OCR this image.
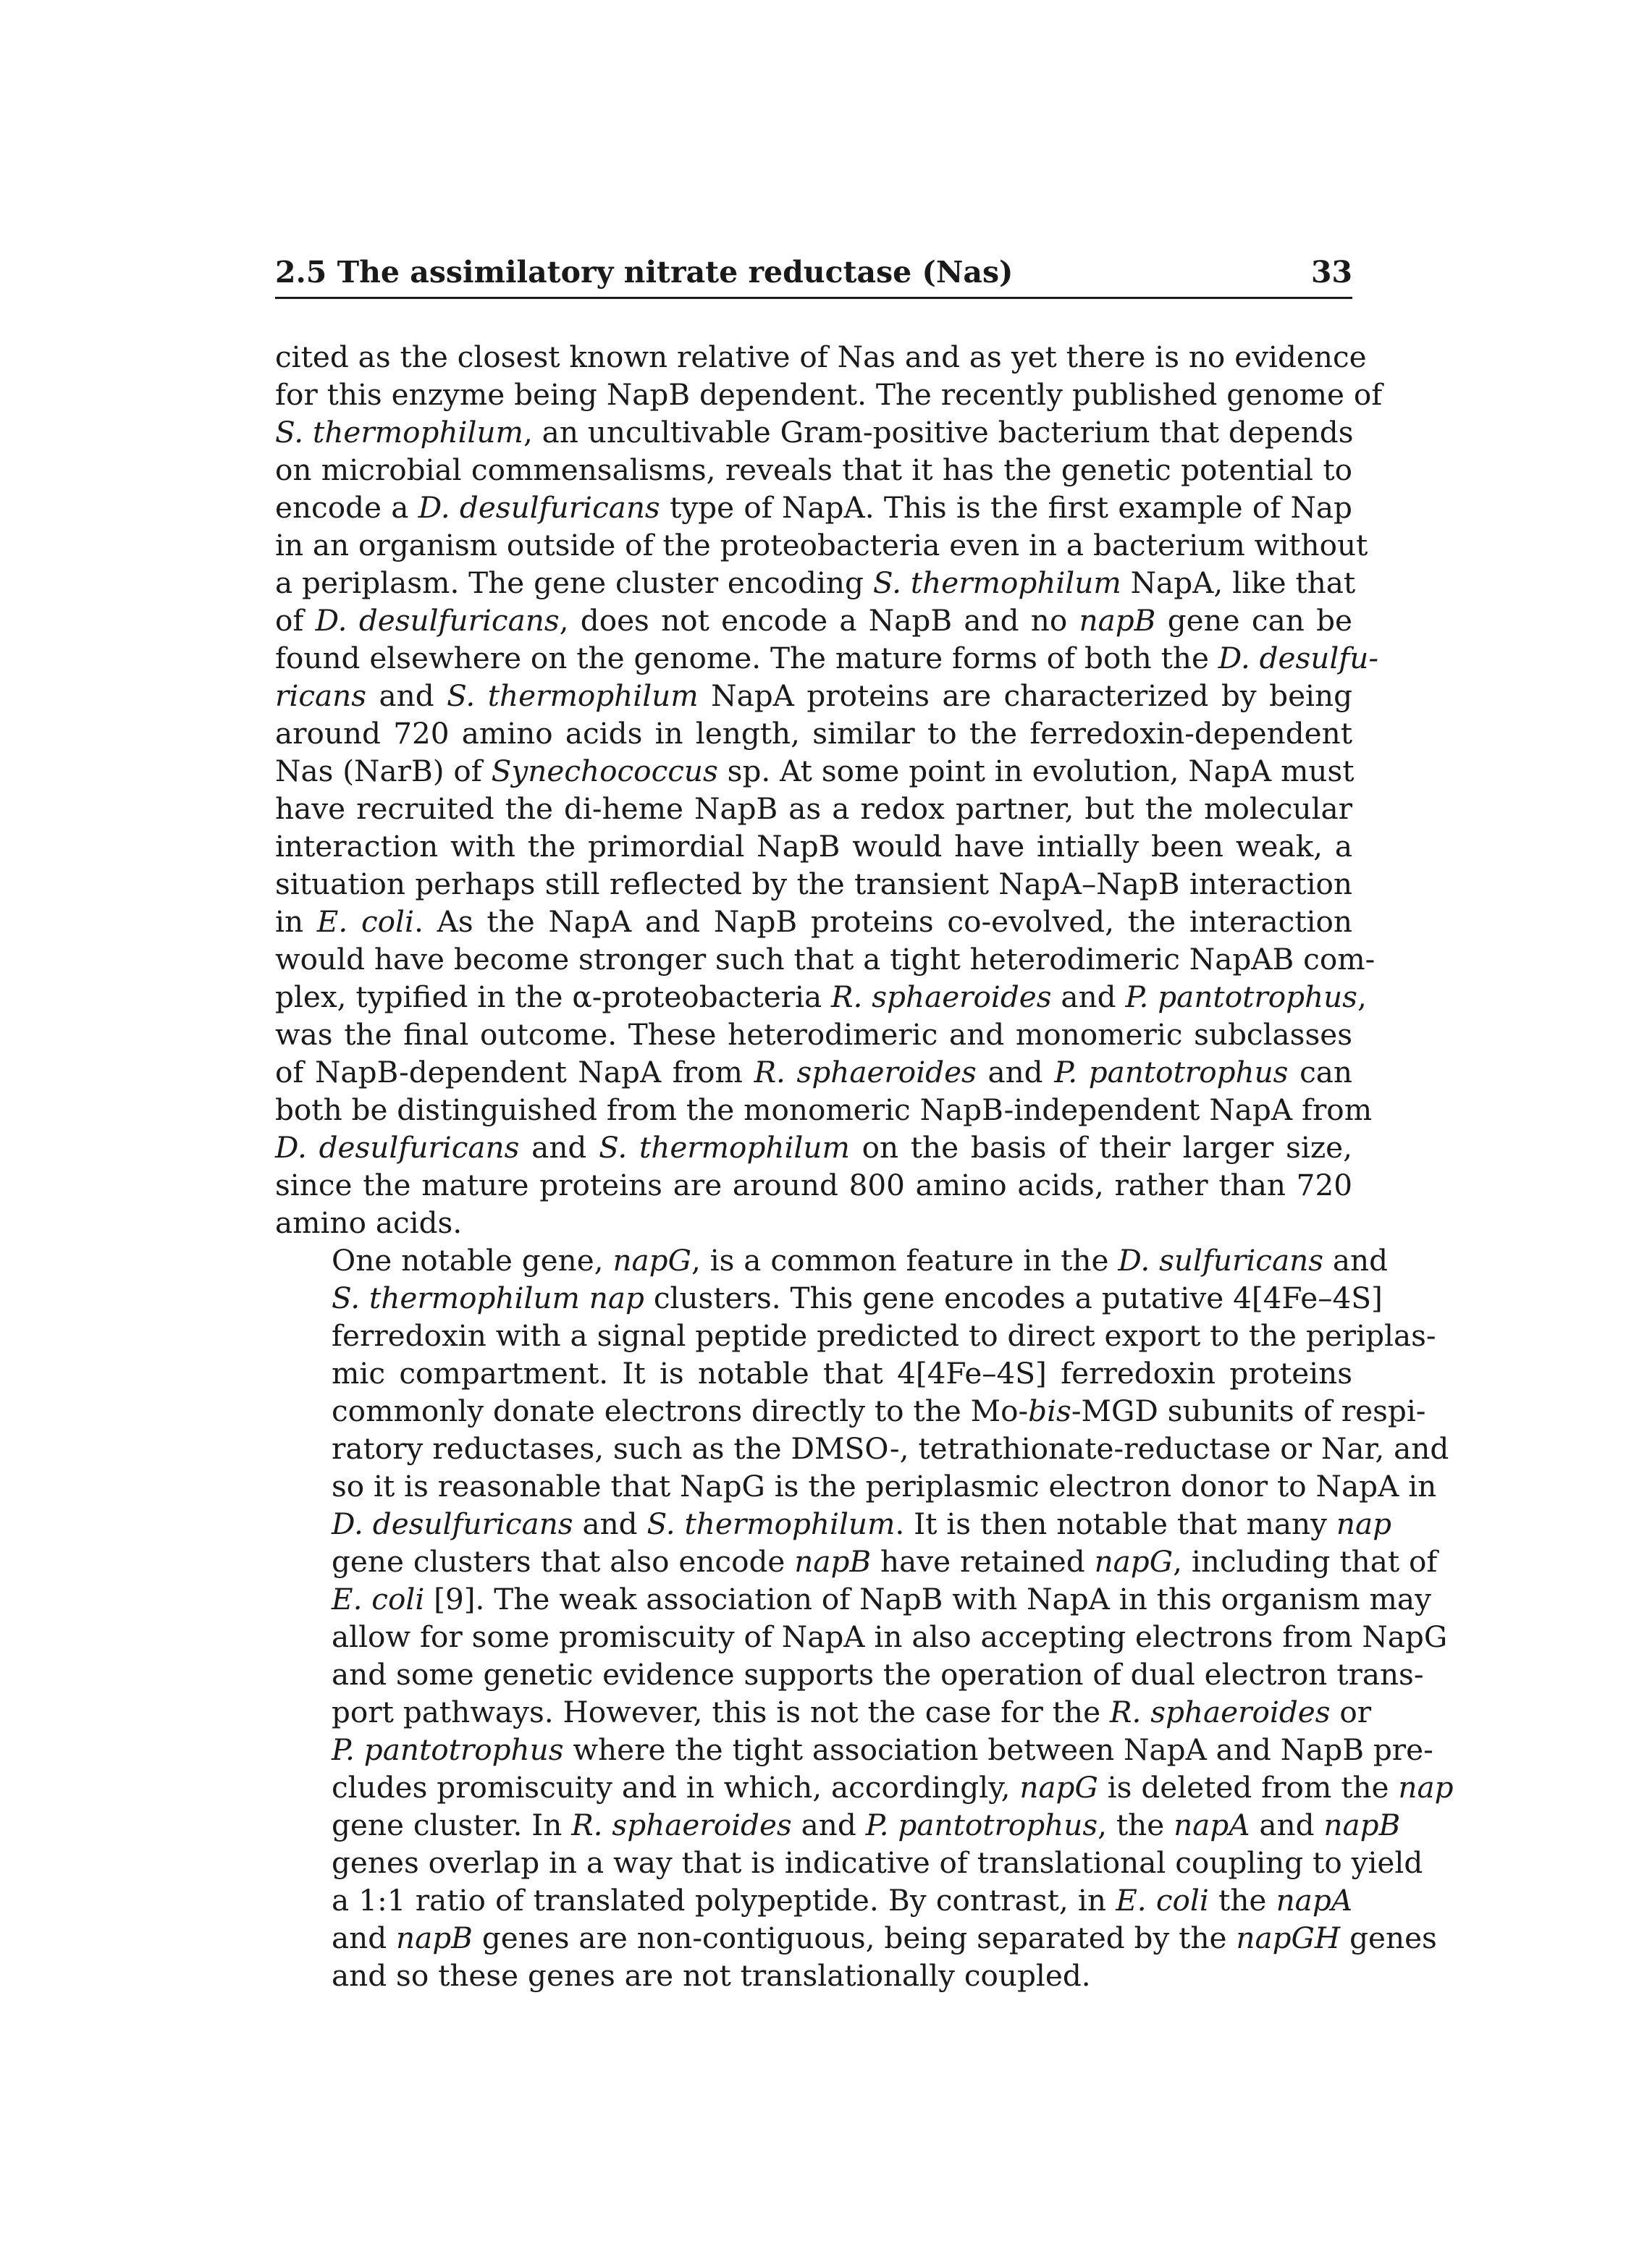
2.5 The assimilatory nitrate reductase (Nas)	33

cited as the closest known relative of Nas and as yet there is no evidence
for this enzyme being NapB dependent. The recently published genome of
S. thermophilum, an uncultivable Gram-positive bacterium that depends
on microbial commensalisms, reveals that it has the genetic potential to
encode a D. desulfuricans type of NapA. This is the first example of Nap
in an organism outside of the proteobacteria even in a bacterium without
a periplasm. The gene cluster encoding S. thermophilum NapA, like that
of D. desulfuricans, does not encode a NapB and no napB gene can be
found elsewhere on the genome. The mature forms of both the D. desulfu-
ricans and S. thermophilum NapA proteins are characterized by being
around 720 amino acids in length, similar to the ferredoxin-dependent
Nas (NarB) of Synechococcus sp. At some point in evolution, NapA must
have recruited the di-heme NapB as a redox partner, but the molecular
interaction with the primordial NapB would have intially been weak, a
situation perhaps still reflected by the transient NapA–NapB interaction
in E. coli. As the NapA and NapB proteins co-evolved, the interaction
would have become stronger such that a tight heterodimeric NapAB com-
plex, typified in the α-proteobacteria R. sphaeroides and P. pantotrophus,
was the final outcome. These heterodimeric and monomeric subclasses
of NapB-dependent NapA from R. sphaeroides and P. pantotrophus can
both be distinguished from the monomeric NapB-independent NapA from
D. desulfuricans and S. thermophilum on the basis of their larger size,
since the mature proteins are around 800 amino acids, rather than 720
amino acids.

One notable gene, napG, is a common feature in the D. sulfuricans and
S. thermophilum nap clusters. This gene encodes a putative 4[4Fe–4S]
ferredoxin with a signal peptide predicted to direct export to the periplas-
mic compartment. It is notable that 4[4Fe–4S] ferredoxin proteins
commonly donate electrons directly to the Mo-bis-MGD subunits of respi-
ratory reductases, such as the DMSO-, tetrathionate-reductase or Nar, and
so it is reasonable that NapG is the periplasmic electron donor to NapA in
D. desulfuricans and S. thermophilum. It is then notable that many nap
gene clusters that also encode napB have retained napG, including that of
E. coli [9]. The weak association of NapB with NapA in this organism may
allow for some promiscuity of NapA in also accepting electrons from NapG
and some genetic evidence supports the operation of dual electron trans-
port pathways. However, this is not the case for the R. sphaeroides or
P. pantotrophus where the tight association between NapA and NapB pre-
cludes promiscuity and in which, accordingly, napG is deleted from the nap
gene cluster. In R. sphaeroides and P. pantotrophus, the napA and napB
genes overlap in a way that is indicative of translational coupling to yield
a 1:1 ratio of translated polypeptide. By contrast, in E. coli the napA
and napB genes are non-contiguous, being separated by the napGH genes
and so these genes are not translationally coupled.
